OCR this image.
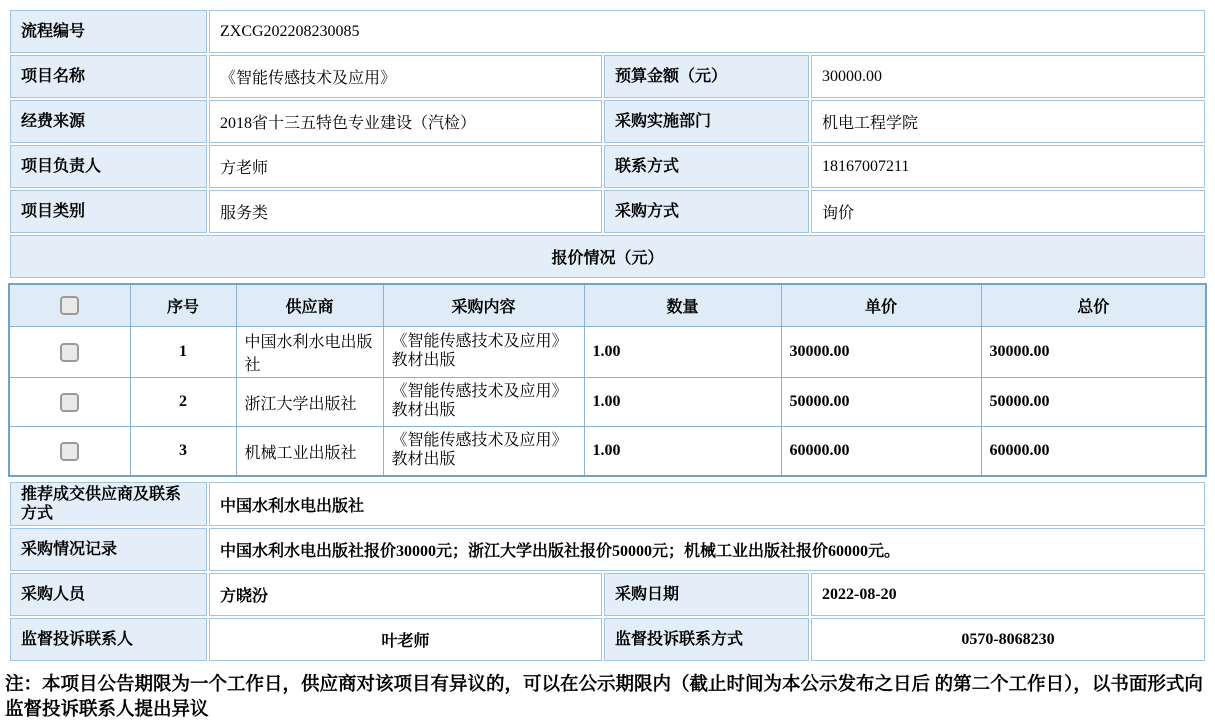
流程编号	ZXCG202208230085		
项目名称	《智能传感技术及应用》	预算金额（元）	30000.00
经费来源	2018省十三五特色专业建设（汽检）	采购实施部门	机电工程学院
项目负责人	方老师	联系方式	18167007211
项目类别	服务类	采购方式	询价
报价情况（元）			
	序号	供应商	采购内容	数量	单价	总价
	1	中国水利水电出版社	《智能传感技术及应用》教材出版	1.00	30000.00	30000.00
	2	浙江大学出版社	《智能传感技术及应用》教材出版	1.00	50000.00	50000.00
	3	机械工业出版社	《智能传感技术及应用》教材出版	1.00	60000.00	60000.00
推荐成交供应商及联系方式	中国水利水电出版社		
采购情况记录	中国水利水电出版社报价30000元；浙江大学出版社报价50000元；机械工业出版社报价60000元。		
采购人员	方晓汾	采购日期	2022-08-20
监督投诉联系人	叶老师	监督投诉联系方式	0570-8068230
注：本项目公告期限为一个工作日，供应商对该项目有异议的，可以在公示期限内（截止时间为本公示发布之日后 的第二个工作日），以书面形式向监督投诉联系人提出异议
